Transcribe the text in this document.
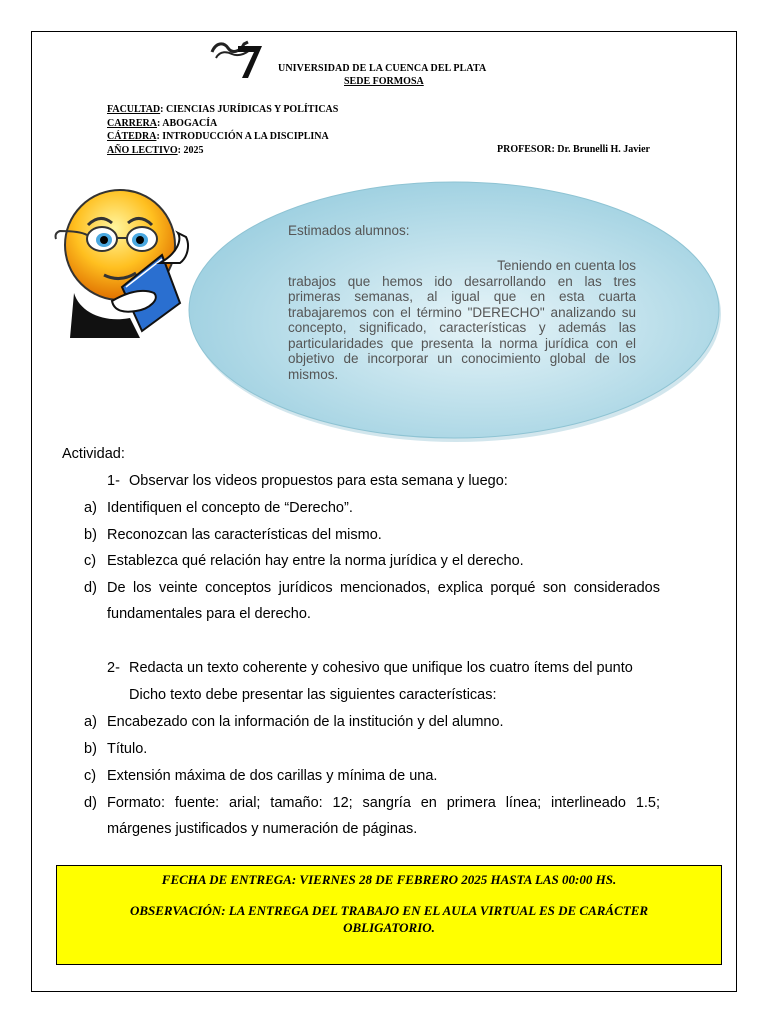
UNIVERSIDAD DE LA CUENCA DEL PLATA
SEDE FORMOSA
FACULTAD: CIENCIAS JURÍDICAS Y POLÍTICAS
CARRERA: ABOGACÍA
CÁTEDRA: INTRODUCCIÓN A LA DISCIPLINA
AÑO LECTIVO: 2025	PROFESOR: Dr. Brunelli H. Javier
Estimados alumnos:
Teniendo en cuenta los
trabajos que hemos ido desarrollando en las tres primeras semanas, al igual que en esta cuarta trabajaremos con el término "DERECHO" analizando su concepto, significado, características y además las particularidades que presenta la norma jurídica con el objetivo de incorporar un conocimiento global de los mismos.
Actividad:
1- Observar los videos propuestos para esta semana y luego:
a) Identifiquen el concepto de “Derecho”.
b) Reconozcan las características del mismo.
c) Establezca qué relación hay entre la norma jurídica y el derecho.
d) De los veinte conceptos jurídicos mencionados, explica porqué son considerados
fundamentales para el derecho.
2- Redacta un texto coherente y cohesivo que unifique los cuatro ítems del punto
Dicho texto debe presentar las siguientes características:
a) Encabezado con la información de la institución y del alumno.
b) Título.
c) Extensión máxima de dos carillas y mínima de una.
d) Formato: fuente: arial; tamaño: 12; sangría en primera línea; interlineado 1.5;
márgenes justificados y numeración de páginas.
FECHA DE ENTREGA: VIERNES 28 DE FEBRERO 2025 HASTA LAS 00:00 HS.
OBSERVACIÓN: LA ENTREGA DEL TRABAJO EN EL AULA VIRTUAL ES DE CARÁCTER
OBLIGATORIO.
